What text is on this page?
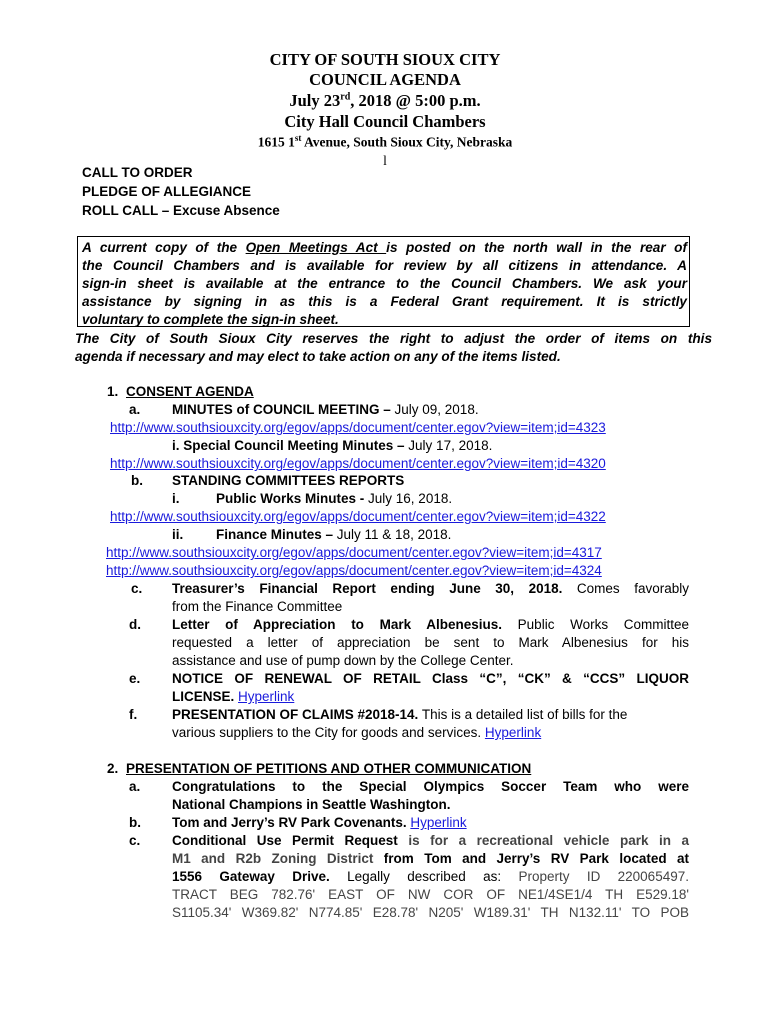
CITY OF SOUTH SIOUX CITY
COUNCIL AGENDA
July 23rd, 2018 @ 5:00 p.m.
City Hall Council Chambers
1615 1st Avenue, South Sioux City, Nebraska
l
CALL TO ORDER
PLEDGE OF ALLEGIANCE
ROLL CALL – Excuse Absence
A current copy of the Open Meetings Act is posted on the north wall in the rear of
the Council Chambers and is available for review by all citizens in attendance. A
sign-in sheet is available at the entrance to the Council Chambers. We ask your
assistance by signing in as this is a Federal Grant requirement. It is strictly
voluntary to complete the sign-in sheet.
The City of South Sioux City reserves the right to adjust the order of items on this
agenda if necessary and may elect to take action on any of the items listed.
1. CONSENT AGENDA
a. MINUTES of COUNCIL MEETING – July 09, 2018.
http://www.southsiouxcity.org/egov/apps/document/center.egov?view=item;id=4323
i. Special Council Meeting Minutes – July 17, 2018.
http://www.southsiouxcity.org/egov/apps/document/center.egov?view=item;id=4320
b. STANDING COMMITTEES REPORTS
i.	Public Works Minutes - July 16, 2018.
http://www.southsiouxcity.org/egov/apps/document/center.egov?view=item;id=4322
ii. Finance Minutes – July 11 & 18, 2018.
http://www.southsiouxcity.org/egov/apps/document/center.egov?view=item;id=4317
http://www.southsiouxcity.org/egov/apps/document/center.egov?view=item;id=4324
c. Treasurer’s Financial Report ending June 30, 2018. Comes favorably
from the Finance Committee
d. Letter of Appreciation to Mark Albenesius. Public Works Committee
requested a letter of appreciation be sent to Mark Albenesius for his
assistance and use of pump down by the College Center.
e. NOTICE OF RENEWAL OF RETAIL Class “C”, “CK” & “CCS” LIQUOR
LICENSE. Hyperlink
f.	PRESENTATION OF CLAIMS #2018-14. This is a detailed list of bills for the
various suppliers to the City for goods and services. Hyperlink
2. PRESENTATION OF PETITIONS AND OTHER COMMUNICATION
a. Congratulations to the Special Olympics Soccer Team who were
National Champions in Seattle Washington.
b. Tom and Jerry’s RV Park Covenants. Hyperlink
c. Conditional Use Permit Request is for a recreational vehicle park in a
M1 and R2b Zoning District from Tom and Jerry’s RV Park located at
1556 Gateway Drive. Legally described as: Property ID 220065497.
TRACT BEG 782.76' EAST OF NW COR OF NE1/4SE1/4 TH E529.18'
S1105.34' W369.82' N774.85' E28.78' N205' W189.31' TH N132.11' TO POB
